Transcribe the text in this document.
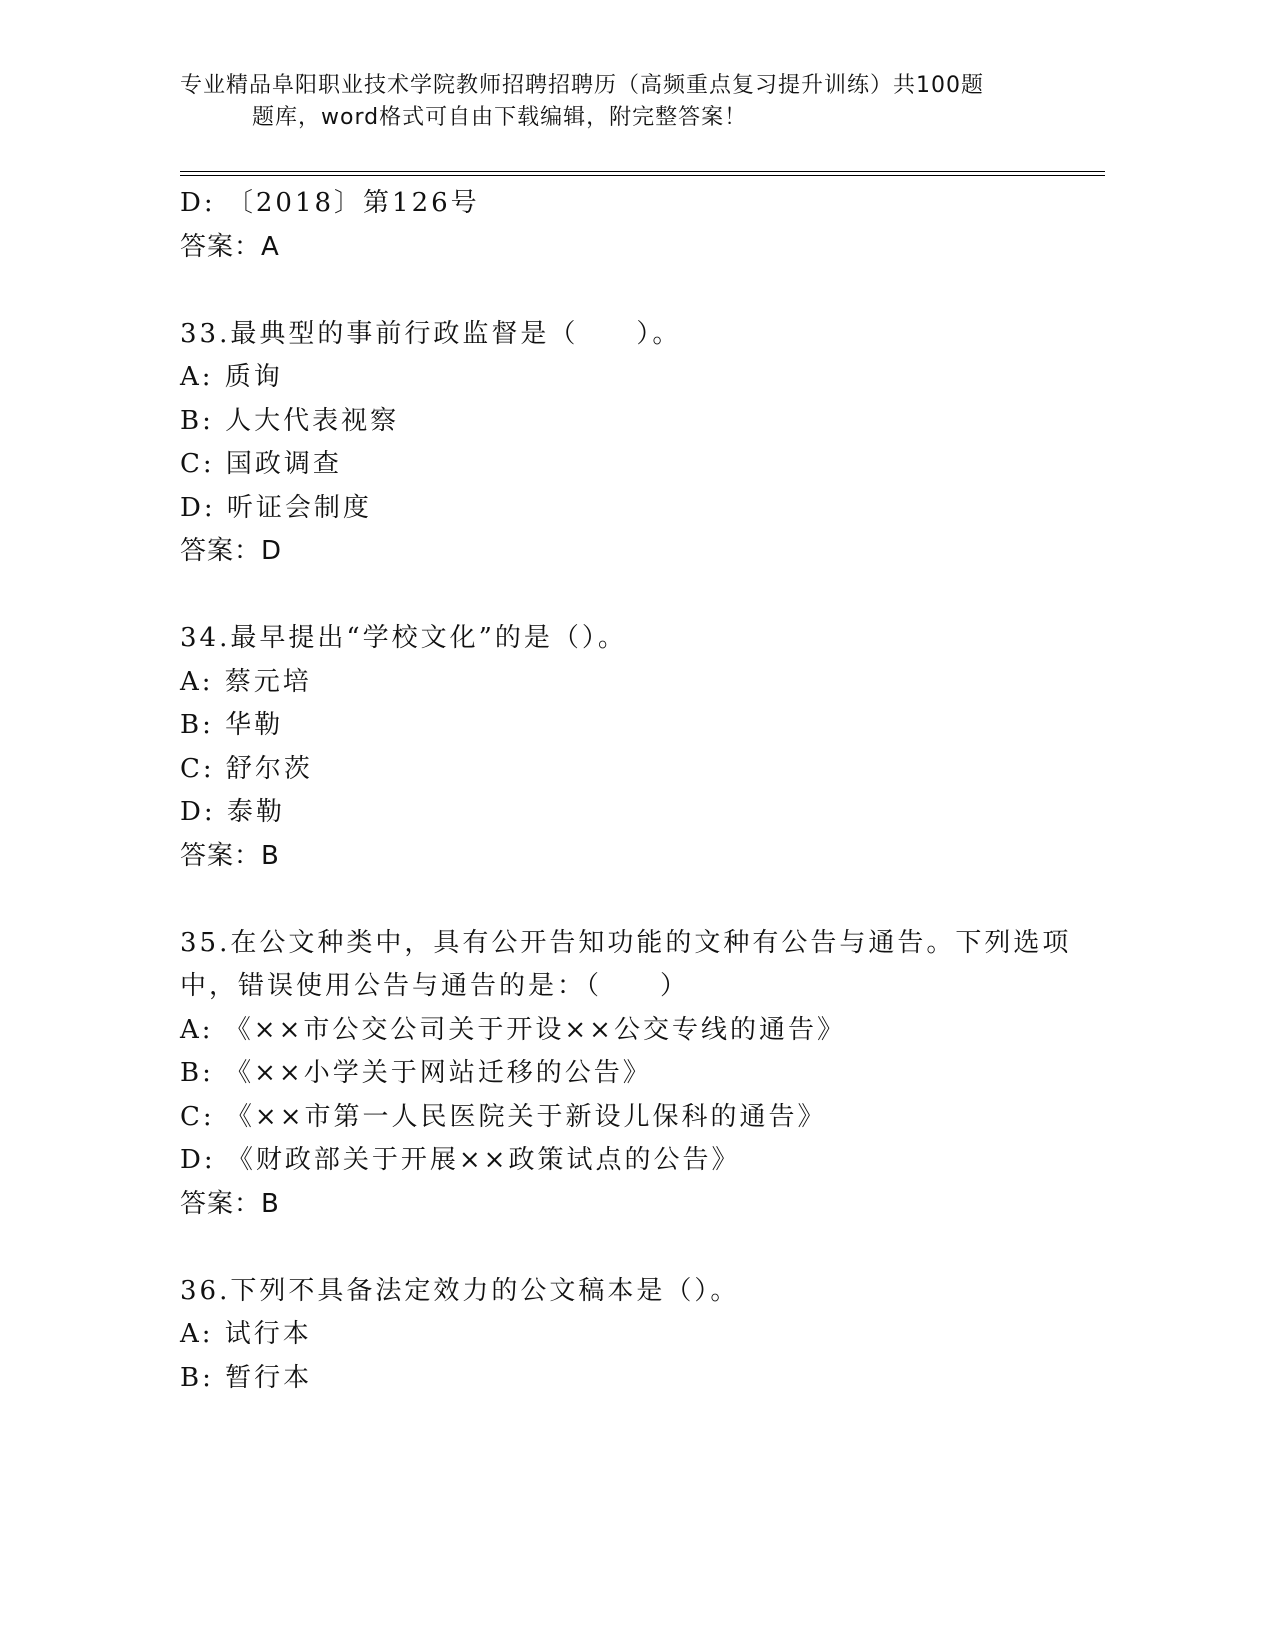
专业精品阜阳职业技术学院教师招聘招聘历（高频重点复习提升训练）共100题
题库，word格式可自由下载编辑，附完整答案！
D: 〔2018〕第126号
答案：A
33.最典型的事前行政监督是（　　）。
A: 质询
B: 人大代表视察
C: 国政调查
D: 听证会制度
答案：D
34.最早提出“学校文化”的是（）。
A: 蔡元培
B: 华勒
C: 舒尔茨
D: 泰勒
答案：B
35.在公文种类中，具有公开告知功能的文种有公告与通告。下列选项
中，错误使用公告与通告的是：（　　）
A: 《××市公交公司关于开设××公交专线的通告》
B: 《××小学关于网站迁移的公告》
C: 《××市第一人民医院关于新设儿保科的通告》
D: 《财政部关于开展××政策试点的公告》
答案：B
36.下列不具备法定效力的公文稿本是（）。
A: 试行本
B: 暂行本
